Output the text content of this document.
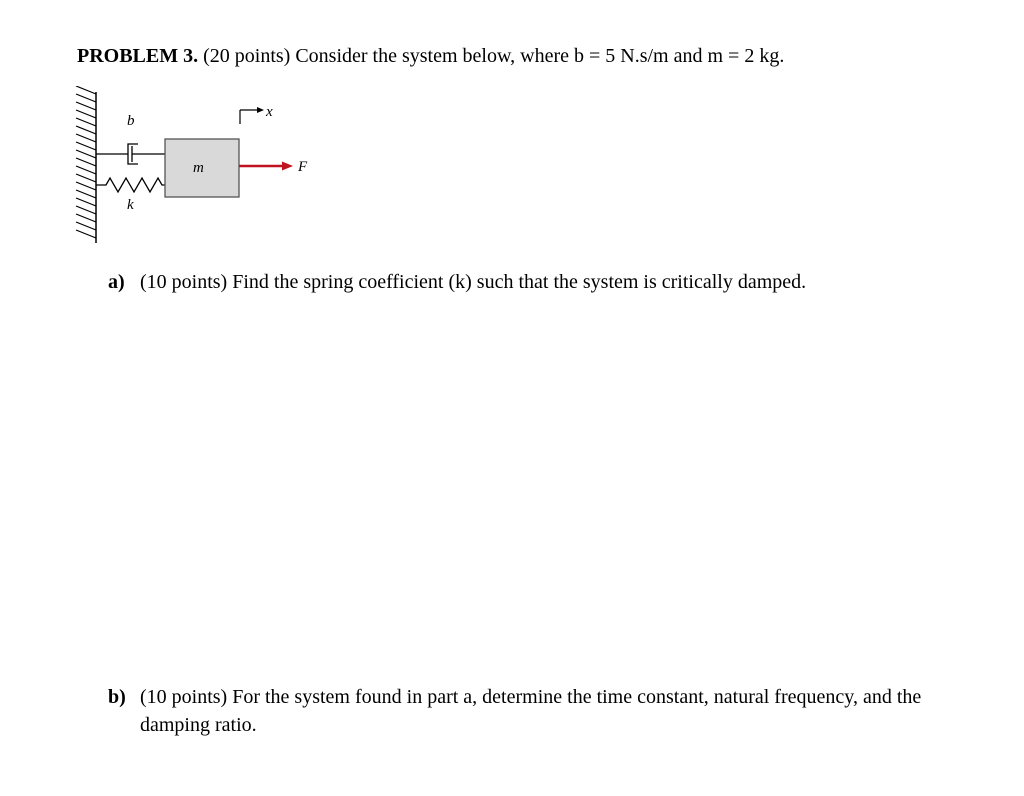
PROBLEM 3. (20 points) Consider the system below, where b = 5 N.s/m and m = 2 kg.
b
k
m
x
F
a) (10 points) Find the spring coefficient (k) such that the system is critically damped.
b) (10 points) For the system found in part a, determine the time constant, natural frequency, and the damping ratio.
